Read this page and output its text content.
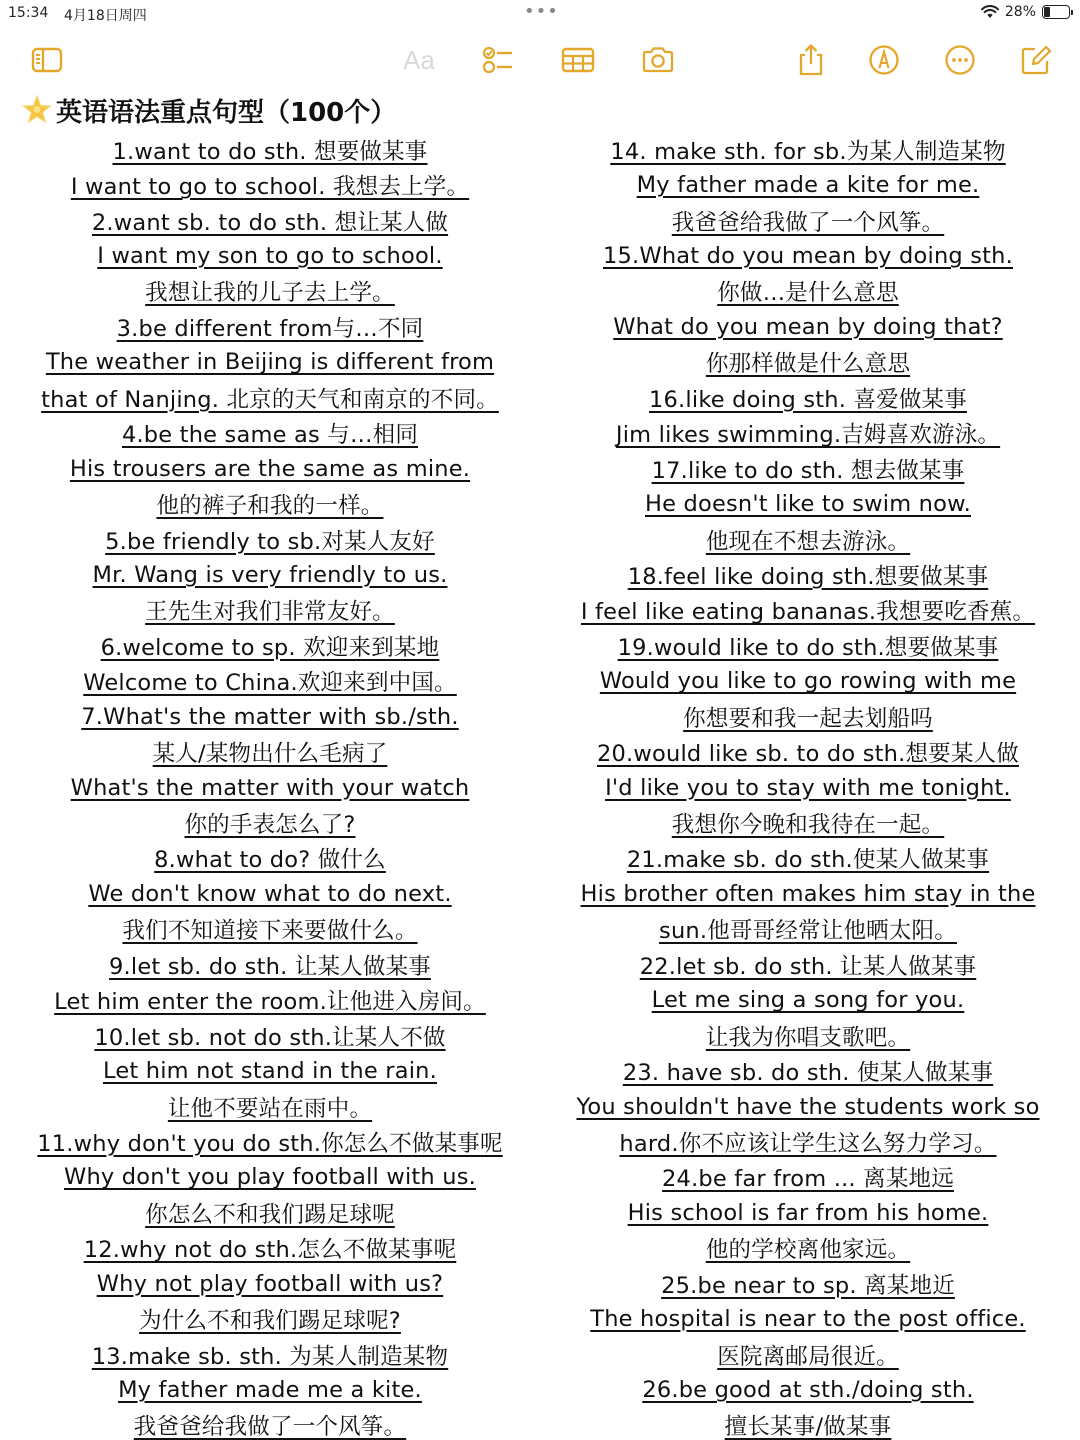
15:34 4月18日周四	•••	28%
Aa
英语语法重点句型（100个）
1.want to do sth. 想要做某事
I want to go to school. 我想去上学。
2.want sb. to do sth. 想让某人做
I want my son to go to school.
我想让我的儿子去上学。
3.be different from与…不同
The weather in Beijing is different from
that of Nanjing. 北京的天气和南京的不同。
4.be the same as 与…相同
His trousers are the same as mine.
他的裤子和我的一样。
5.be friendly to sb.对某人友好
Mr. Wang is very friendly to us.
王先生对我们非常友好。
6.welcome to sp. 欢迎来到某地
Welcome to China.欢迎来到中国。
7.What's the matter with sb./sth.
某人/某物出什么毛病了
What's the matter with your watch
你的手表怎么了?
8.what to do? 做什么
We don't know what to do next.
我们不知道接下来要做什么。
9.let sb. do sth. 让某人做某事
Let him enter the room.让他进入房间。
10.let sb. not do sth.让某人不做
Let him not stand in the rain.
让他不要站在雨中。
11.why don't you do sth.你怎么不做某事呢
Why don't you play football with us.
你怎么不和我们踢足球呢
12.why not do sth.怎么不做某事呢
Why not play football with us?
为什么不和我们踢足球呢?
13.make sb. sth. 为某人制造某物
My father made me a kite.
我爸爸给我做了一个风筝。
14. make sth. for sb.为某人制造某物
My father made a kite for me.
我爸爸给我做了一个风筝。
15.What do you mean by doing sth.
你做…是什么意思
What do you mean by doing that?
你那样做是什么意思
16.like doing sth. 喜爱做某事
Jim likes swimming.吉姆喜欢游泳。
17.like to do sth. 想去做某事
He doesn't like to swim now.
他现在不想去游泳。
18.feel like doing sth.想要做某事
I feel like eating bananas.我想要吃香蕉。
19.would like to do sth.想要做某事
Would you like to go rowing with me
你想要和我一起去划船吗
20.would like sb. to do sth.想要某人做
I'd like you to stay with me tonight.
我想你今晚和我待在一起。
21.make sb. do sth.使某人做某事
His brother often makes him stay in the
sun.他哥哥经常让他晒太阳。
22.let sb. do sth. 让某人做某事
Let me sing a song for you.
让我为你唱支歌吧。
23. have sb. do sth. 使某人做某事
You shouldn't have the students work so
hard.你不应该让学生这么努力学习。
24.be far from ... 离某地远
His school is far from his home.
他的学校离他家远。
25.be near to sp. 离某地近
The hospital is near to the post office.
医院离邮局很近。
26.be good at sth./doing sth.
擅长某事/做某事
